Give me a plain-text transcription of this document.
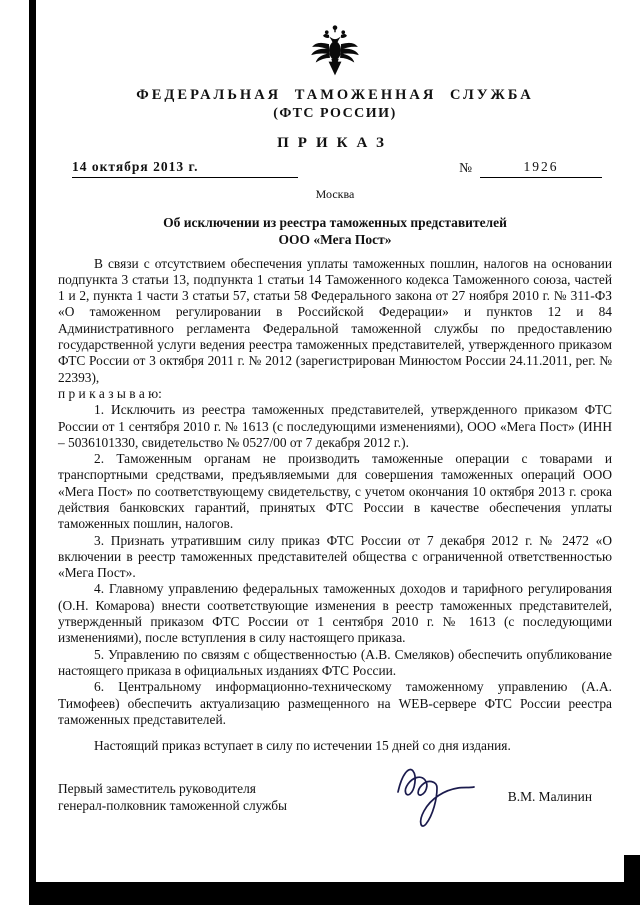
ФЕДЕРАЛЬНАЯ ТАМОЖЕННАЯ СЛУЖБА
(ФТС РОССИИ)
ПРИКАЗ
14 октября 2013 г.	№	1926
Москва
Об исключении из реестра таможенных представителей
ООО «Мега Пост»

В связи с отсутствием обеспечения уплаты таможенных пошлин, налогов на основании подпункта 3 статьи 13, подпункта 1 статьи 14 Таможенного кодекса Таможенного союза, частей 1 и 2, пункта 1 части 3 статьи 57, статьи 58 Федерального закона от 27 ноября 2010 г. № 311-ФЗ «О таможенном регулировании в Российской Федерации» и пунктов 12 и 84 Административного регламента Федеральной таможенной службы по предоставлению государственной услуги ведения реестра таможенных представителей, утвержденного приказом ФТС России от 3 октября 2011 г. № 2012 (зарегистрирован Минюстом России 24.11.2011, рег. № 22393),

п р и к а з ы в а ю:

1. Исключить из реестра таможенных представителей, утвержденного приказом ФТС России от 1 сентября 2010 г. № 1613 (с последующими изменениями), ООО «Мега Пост» (ИНН – 5036101330, свидетельство № 0527/00 от 7 декабря 2012 г.).

2. Таможенным органам не производить таможенные операции с товарами и транспортными средствами, предъявляемыми для совершения таможенных операций ООО «Мега Пост» по соответствующему свидетельству, с учетом окончания 10 октября 2013 г. срока действия банковских гарантий, принятых ФТС России в качестве обеспечения уплаты таможенных пошлин, налогов.

3. Признать утратившим силу приказ ФТС России от 7 декабря 2012 г. № 2472 «О включении в реестр таможенных представителей общества с ограниченной ответственностью «Мега Пост».

4. Главному управлению федеральных таможенных доходов и тарифного регулирования (О.Н. Комарова) внести соответствующие изменения в реестр таможенных представителей, утвержденный приказом ФТС России от 1 сентября 2010 г. № 1613 (с последующими изменениями), после вступления в силу настоящего приказа.

5. Управлению по связям с общественностью (А.В. Смеляков) обеспечить опубликование настоящего приказа в официальных изданиях ФТС России.

6. Центральному информационно-техническому таможенному управлению (А.А. Тимофеев) обеспечить актуализацию размещенного на WEB-сервере ФТС России реестра таможенных представителей.

Настоящий приказ вступает в силу по истечении 15 дней со дня издания.

Первый заместитель руководителя
генерал-полковник таможенной службы
В.М. Малинин
